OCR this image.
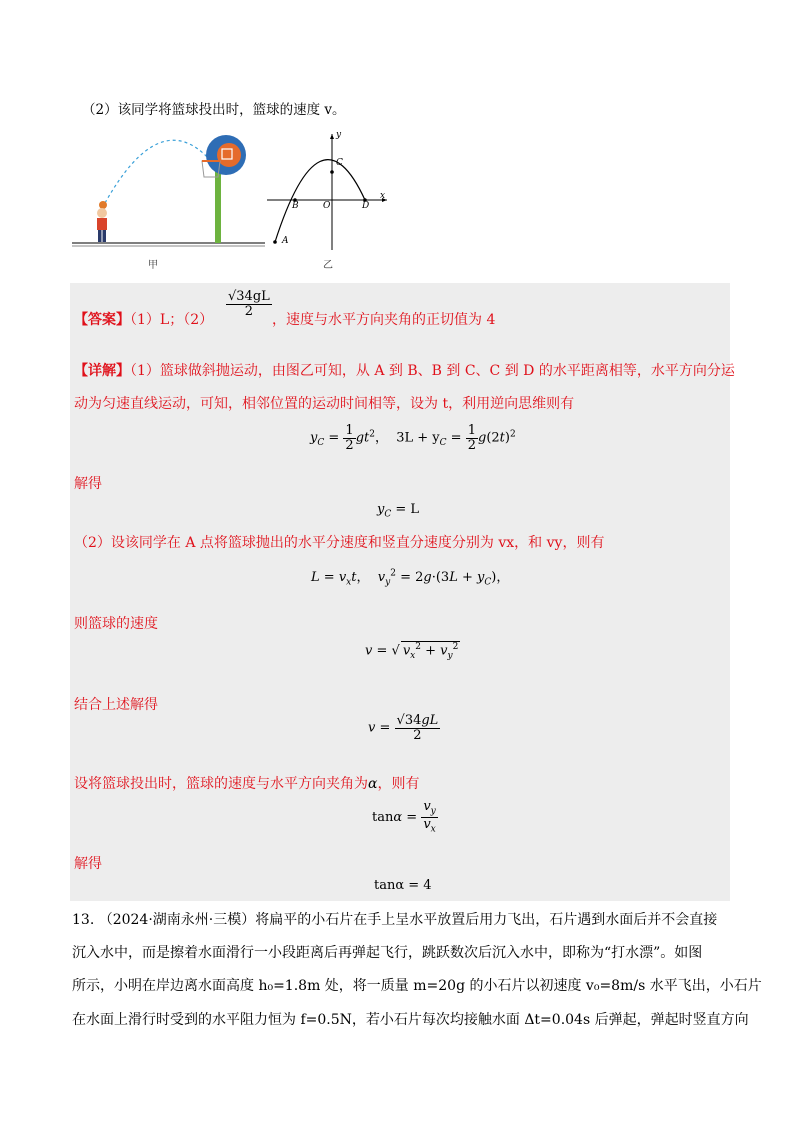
（2）该同学将篮球投出时，篮球的速度 v。
甲
A
B
C
D
O
x
y
乙
【答案】（1）L；（2）
$\frac{√34gL}{2}$
，速度与水平方向夹角的正切值为 4
【详解】（1）篮球做斜抛运动，由图乙可知，从 A 到 B、B 到 C、C 到 D 的水平距离相等，水平方向分运
动为匀速直线运动，可知，相邻位置的运动时间相等，设为 t，利用逆向思维则有
$y_C = \frac{1}{2} gt^2$，  $3L + y_C = \frac{1}{2} g(2t)^2$
解得
$y_C = L$
（2）设该同学在 A 点将篮球抛出的水平分速度和竖直分速度分别为 vx，和 vy，则有
$L = v_xt$，  $v_y^2 = 2g\cdot(3L + y_C)$，
则篮球的速度
v = √ $v_x^2 + v_y^2$
结合上述解得
$v = \frac{√34gL}{2}$
设将篮球投出时，篮球的速度与水平方向夹角为α，则有
$\tan\alpha = \frac{v_y}{v_x}$
解得
tanα = 4
13. （2024·湖南永州·三模）将扁平的小石片在手上呈水平放置后用力飞出，石片遇到水面后并不会直接
沉入水中，而是擦着水面滑行一小段距离后再弹起飞行，跳跃数次后沉入水中，即称为“打水漂”。如图
所示，小明在岸边离水面高度 h₀=1.8m 处，将一质量 m=20g 的小石片以初速度 v₀=8m/s 水平飞出，小石片
在水面上滑行时受到的水平阻力恒为 f=0.5N，若小石片每次均接触水面 Δt=0.04s 后弹起，弹起时竖直方向
